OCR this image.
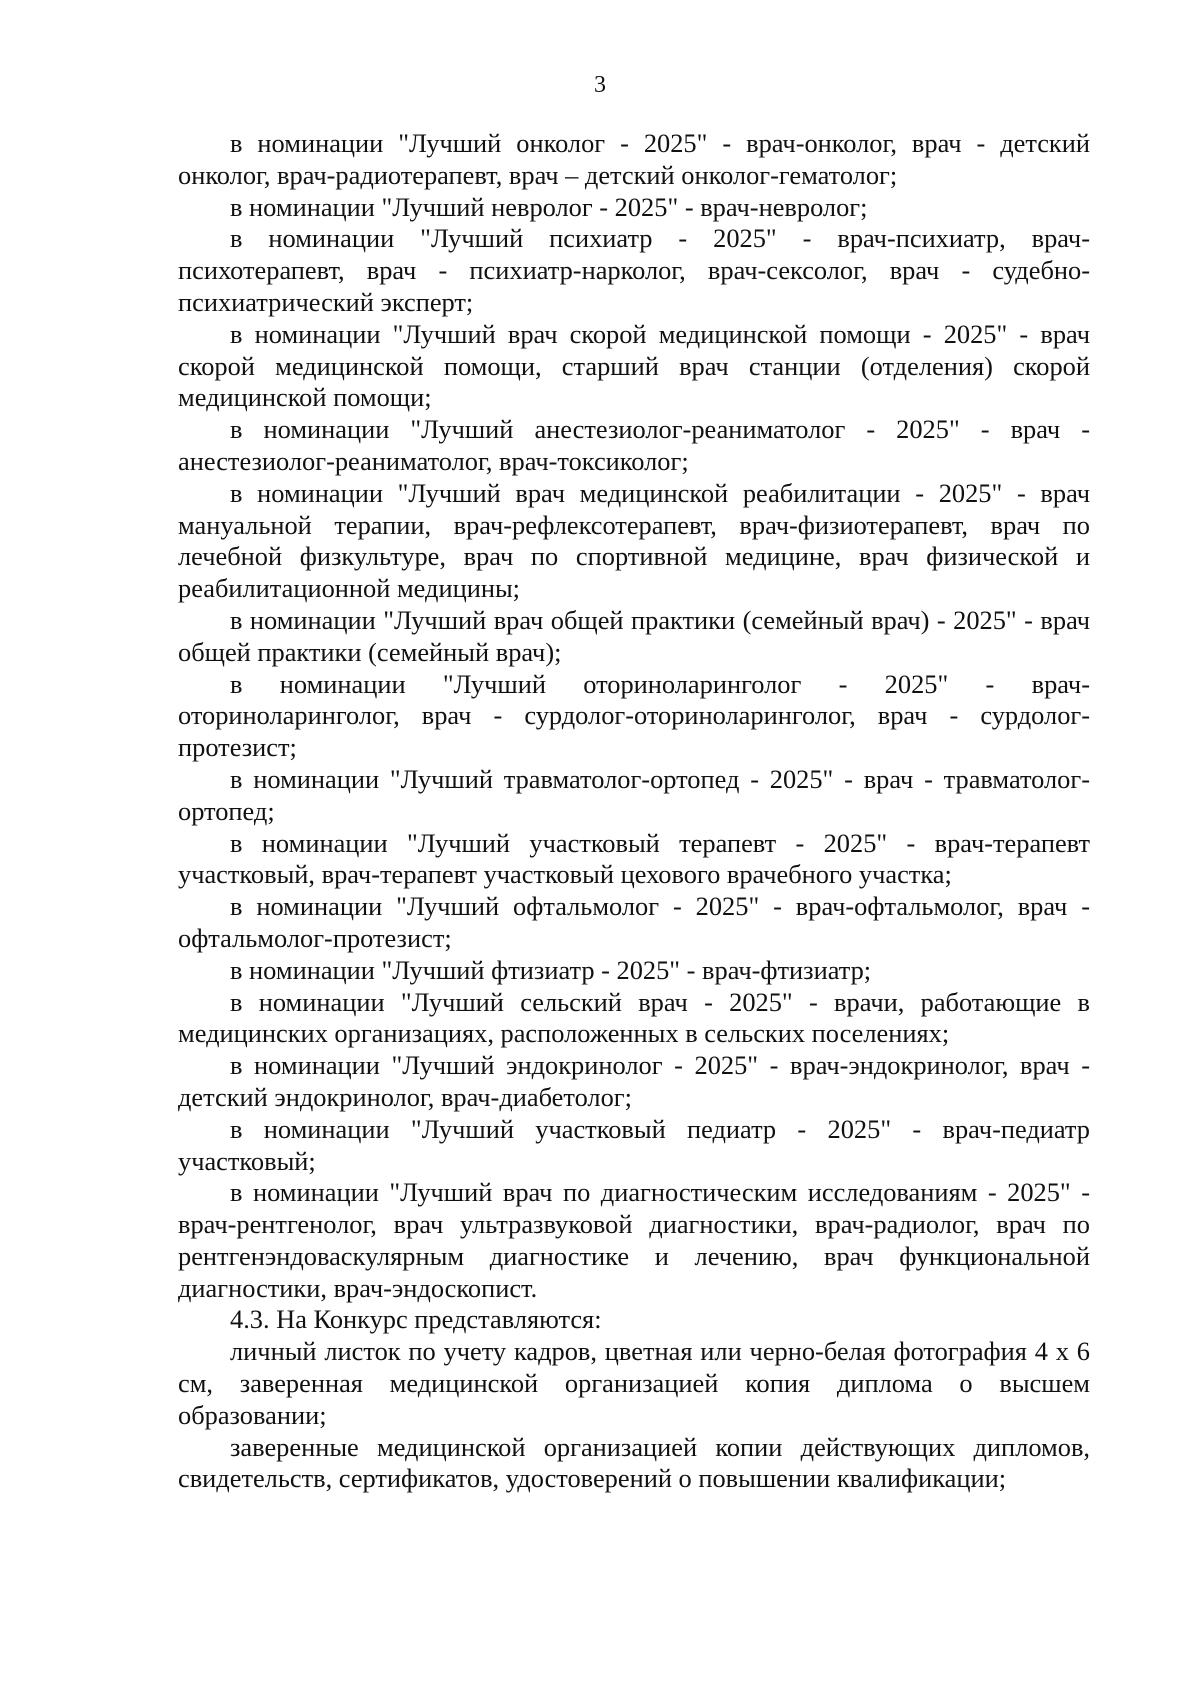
3

в номинации "Лучший онколог - 2025" - врач-онколог, врач - детский онколог, врач-радиотерапевт, врач – детский онколог-гематолог;

в номинации "Лучший невролог - 2025" - врач-невролог;

в номинации "Лучший психиатр - 2025" - врач-психиатр, врач-психотерапевт, врач - психиатр-нарколог, врач-сексолог, врач - судебно-психиатрический эксперт;

в номинации "Лучший врач скорой медицинской помощи - 2025" - врач скорой медицинской помощи, старший врач станции (отделения) скорой медицинской помощи;

в номинации "Лучший анестезиолог-реаниматолог - 2025" - врач - анестезиолог-реаниматолог, врач-токсиколог;

в номинации "Лучший врач медицинской реабилитации - 2025" - врач мануальной терапии, врач-рефлексотерапевт, врач-физиотерапевт, врач по лечебной физкультуре, врач по спортивной медицине, врач физической и реабилитационной медицины;

в номинации "Лучший врач общей практики (семейный врач) - 2025" - врач общей практики (семейный врач);

в номинации "Лучший оториноларинголог - 2025" - врач-оториноларинголог, врач - сурдолог-оториноларинголог, врач - сурдолог-протезист;

в номинации "Лучший травматолог-ортопед - 2025" - врач - травматолог-ортопед;

в номинации "Лучший участковый терапевт - 2025" - врач-терапевт участковый, врач-терапевт участковый цехового врачебного участка;

в номинации "Лучший офтальмолог - 2025" - врач-офтальмолог, врач - офтальмолог-протезист;

в номинации "Лучший фтизиатр - 2025" - врач-фтизиатр;

в номинации "Лучший сельский врач - 2025" - врачи, работающие в медицинских организациях, расположенных в сельских поселениях;

в номинации "Лучший эндокринолог - 2025" - врач-эндокринолог, врач - детский эндокринолог, врач-диабетолог;

в номинации "Лучший участковый педиатр - 2025" - врач-педиатр участковый;

в номинации "Лучший врач по диагностическим исследованиям - 2025" - врач-рентгенолог, врач ультразвуковой диагностики, врач-радиолог, врач по рентгенэндоваскулярным диагностике и лечению, врач функциональной диагностики, врач-эндоскопист.

4.3. На Конкурс представляются:

личный листок по учету кадров, цветная или черно-белая фотография 4 х 6 см, заверенная медицинской организацией копия диплома о высшем образовании;

заверенные медицинской организацией копии действующих дипломов, свидетельств, сертификатов, удостоверений о повышении квалификации;
